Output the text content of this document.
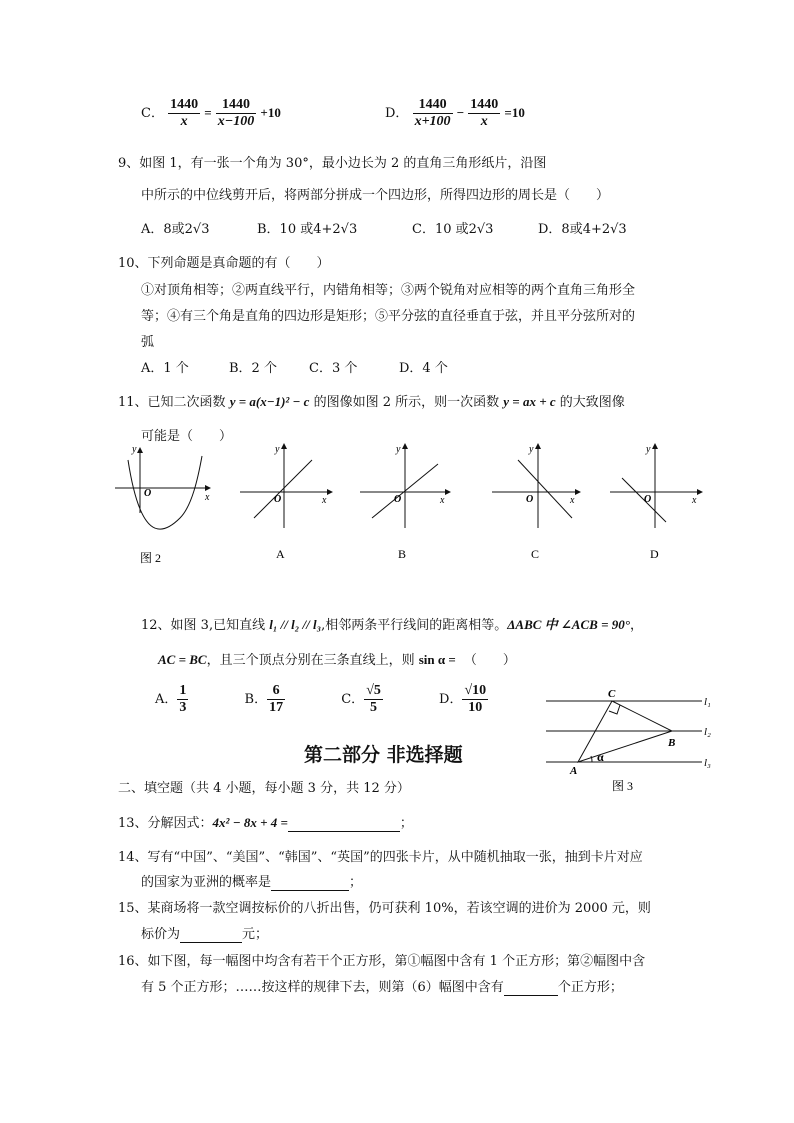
C． $\frac{1440}{x} = \frac{1440}{x-100} +10$	D． $\frac{1440}{x+100} - \frac{1440}{x} =10$
9、如图 1，有一张一个角为 30°，最小边长为 2 的直角三角形纸片，沿图
中所示的中位线剪开后，将两部分拼成一个四边形，所得四边形的周长是（　　）
A．8或2√3	B．10 或4+2√3	C．10 或2√3	D．8或4+2√3
10、下列命题是真命题的有（　　）
①对顶角相等；②两直线平行，内错角相等；③两个锐角对应相等的两个直角三角形全
等；④有三个角是直角的四边形是矩形；⑤平分弦的直径垂直于弦，并且平分弦所对的
弧
A．1 个	B．2 个 C．3 个	D．4 个
11、已知二次函数 y = a(x−1)² − c 的图像如图 2 所示，则一次函数 y = ax + c 的大致图像
可能是（　　）
y
x
O
图 2
y
x
O
A
y
x
O
B
y
x
O
C
y
x
O
D
12、如图 3,已知直线 l₁ // l₂ // l₃,相邻两条平行线间的距离相等。ΔABC 中 ∠ACB = 90°，
AC = BC，且三个顶点分别在三条直线上，则 sin α = （　　）
A． $\frac{1}{3}$	B． $\frac{6}{17}$	C． $\frac{√5}{5}$	D． $\frac{√10}{10}$	C
B
A
α
l₁
l₂
l₃
图 3
第二部分 非选择题
二、填空题（共 4 小题，每小题 3 分，共 12 分）
13、分解因式：4x² − 8x + 4 =	；
14、写有“中国”、“美国”、“韩国”、“英国”的四张卡片，从中随机抽取一张，抽到卡片对应
的国家为亚洲的概率是	；
15、某商场将一款空调按标价的八折出售，仍可获利 10%，若该空调的进价为 2000 元，则
标价为	元；
16、如下图，每一幅图中均含有若干个正方形，第①幅图中含有 1 个正方形；第②幅图中含
有 5 个正方形；……按这样的规律下去，则第（6）幅图中含有	个正方形；
